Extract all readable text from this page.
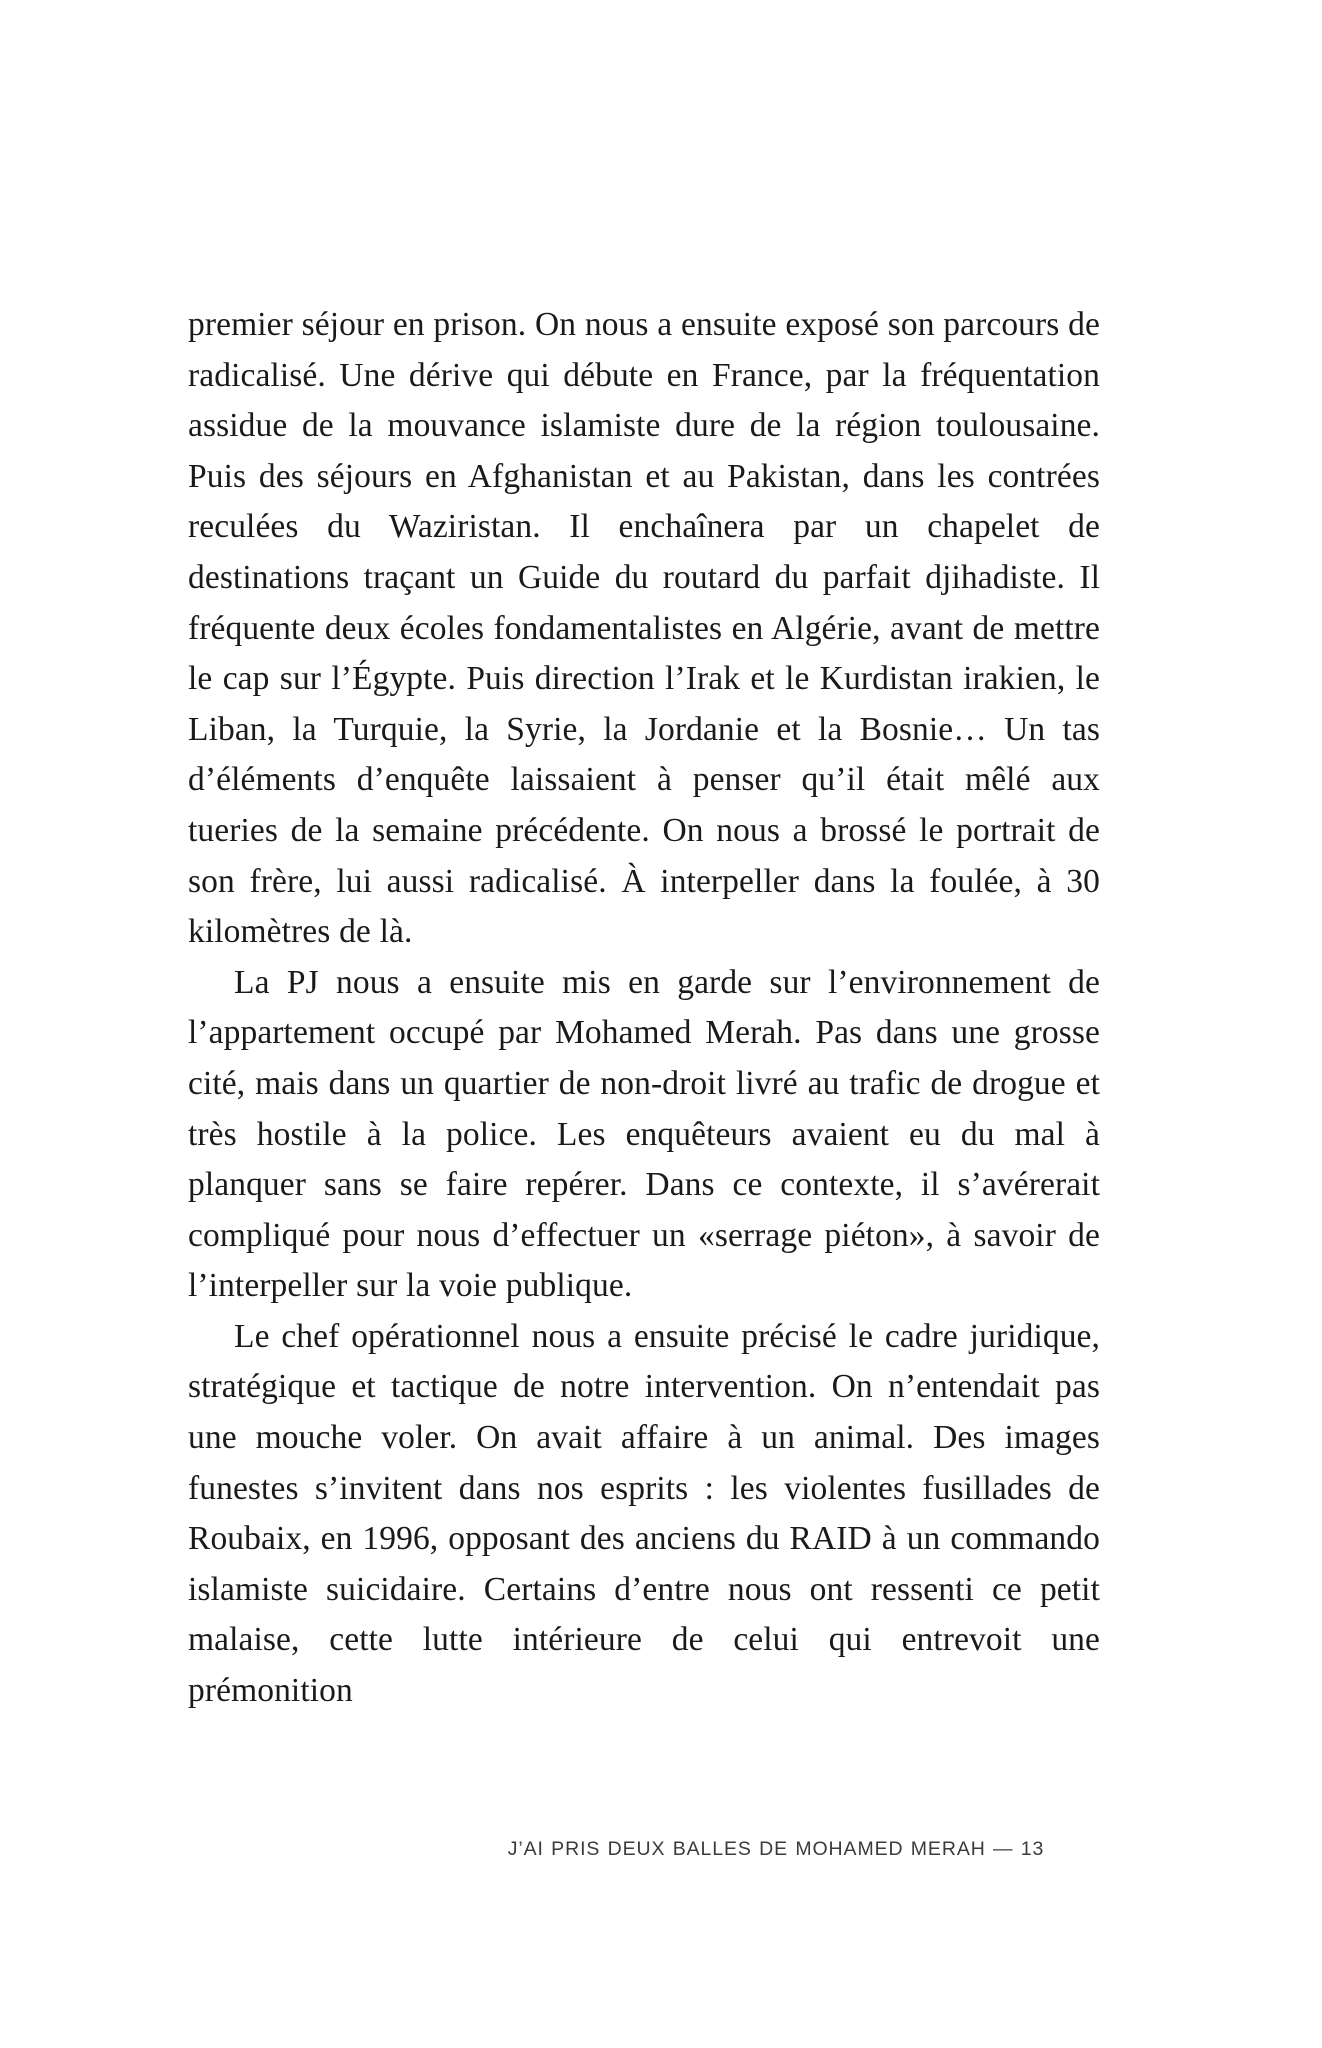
premier séjour en prison. On nous a ensuite exposé son parcours de radicalisé. Une dérive qui débute en France, par la fréquentation assidue de la mouvance islamiste dure de la région toulousaine. Puis des séjours en Afghanistan et au Pakistan, dans les contrées reculées du Waziristan. Il enchaînera par un chapelet de destinations traçant un Guide du routard du parfait djihadiste. Il fréquente deux écoles fondamentalistes en Algérie, avant de mettre le cap sur l’Égypte. Puis direction l’Irak et le Kurdistan irakien, le Liban, la Turquie, la Syrie, la Jordanie et la Bosnie… Un tas d’éléments d’enquête laissaient à penser qu’il était mêlé aux tueries de la semaine précédente. On nous a brossé le portrait de son frère, lui aussi radicalisé. À interpeller dans la foulée, à 30 kilomètres de là.

La PJ nous a ensuite mis en garde sur l’environnement de l’appartement occupé par Mohamed Merah. Pas dans une grosse cité, mais dans un quartier de non-droit livré au trafic de drogue et très hostile à la police. Les enquêteurs avaient eu du mal à planquer sans se faire repérer. Dans ce contexte, il s’avérerait compliqué pour nous d’effectuer un «serrage piéton», à savoir de l’interpeller sur la voie publique.

Le chef opérationnel nous a ensuite précisé le cadre juridique, stratégique et tactique de notre intervention. On n’entendait pas une mouche voler. On avait affaire à un animal. Des images funestes s’invitent dans nos esprits : les violentes fusillades de Roubaix, en 1996, opposant des anciens du RAID à un commando islamiste suicidaire. Certains d’entre nous ont ressenti ce petit malaise, cette lutte intérieure de celui qui entrevoit une prémonition

J’AI PRIS DEUX BALLES DE MOHAMED MERAH — 13
